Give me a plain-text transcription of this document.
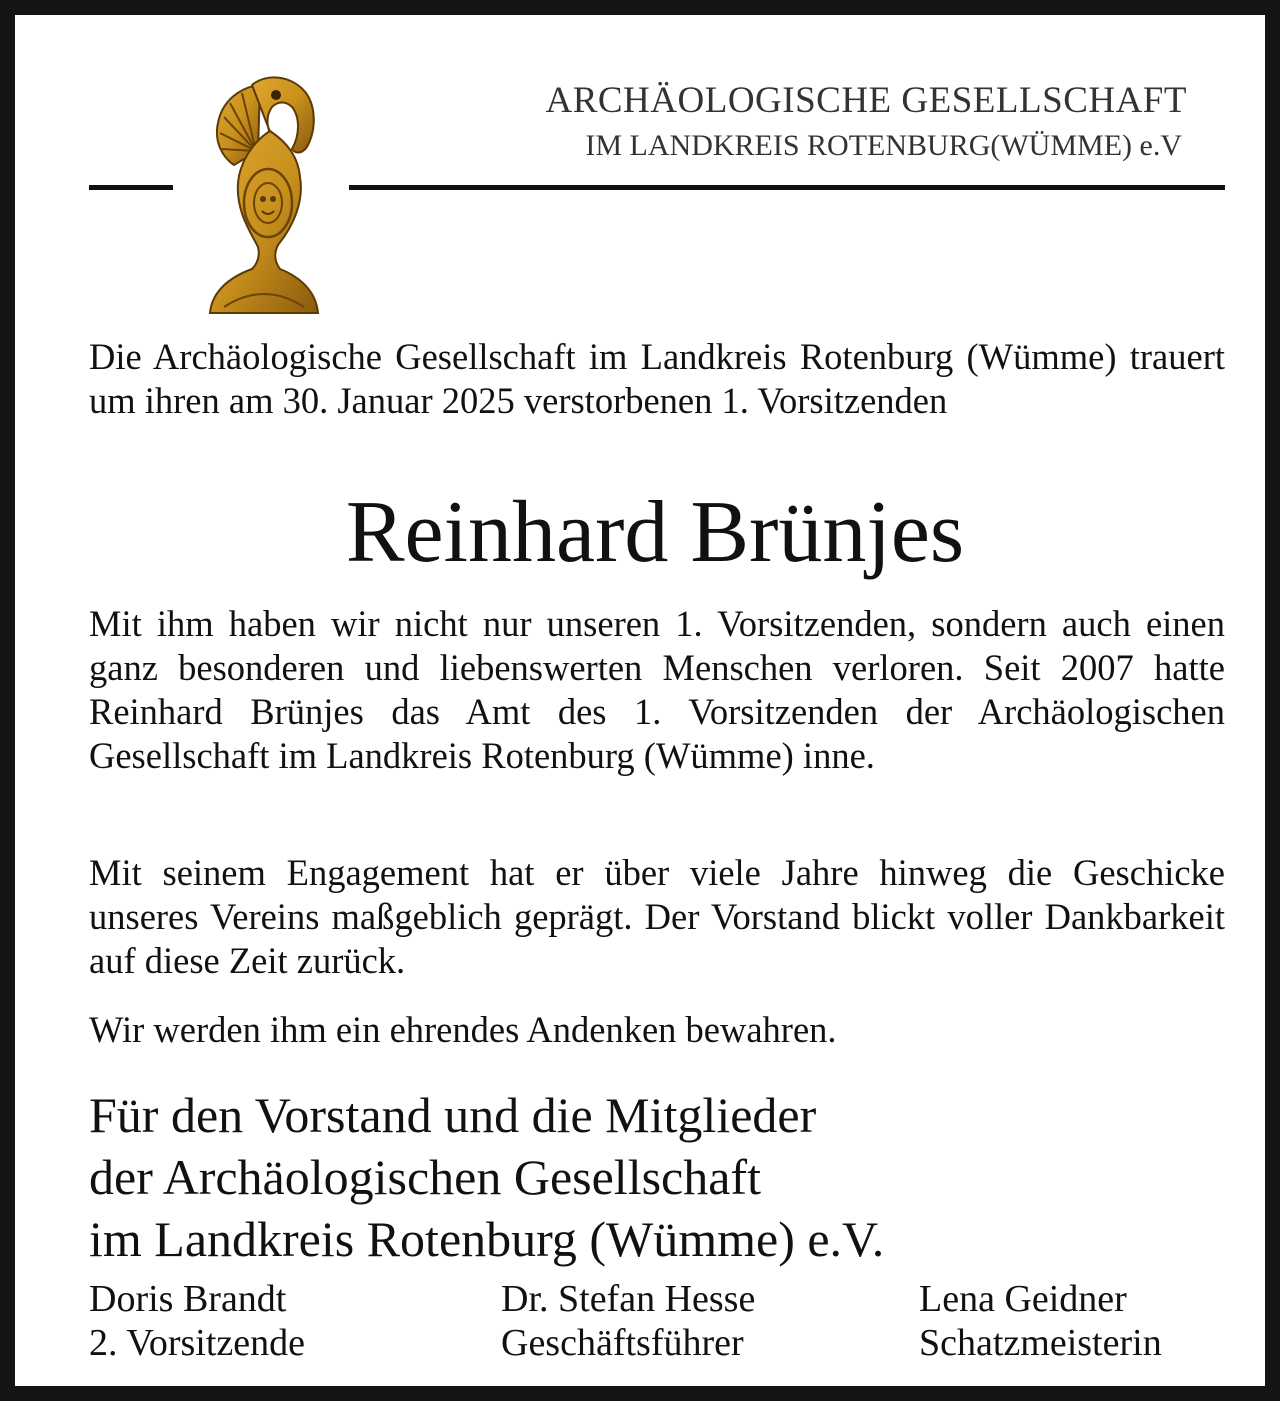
ARCHÄOLOGISCHE GESELLSCHAFT
IM LANDKREIS ROTENBURG(WÜMME) e.V
Die Archäologische Gesellschaft im Landkreis Rotenburg (Wümme) trauert um ihren am 30. Januar 2025 verstorbenen 1. Vorsitzenden
Reinhard Brünjes
Mit ihm haben wir nicht nur unseren 1. Vorsitzenden, sondern auch einen ganz besonderen und liebenswerten Menschen verloren. Seit 2007 hatte Reinhard Brünjes das Amt des 1. Vorsitzenden der Archäologischen Gesellschaft im Landkreis Rotenburg (Wümme) inne.
Mit seinem Engagement hat er über viele Jahre hinweg die Geschicke unseres Vereins maßgeblich geprägt. Der Vorstand blickt voller Dankbarkeit auf diese Zeit zurück.
Wir werden ihm ein ehrendes Andenken bewahren.
Für den Vorstand und die Mitglieder
der Archäologischen Gesellschaft
im Landkreis Rotenburg (Wümme) e.V.
Doris Brandt
2. Vorsitzende
Dr. Stefan Hesse
Geschäftsführer
Lena Geidner
Schatzmeisterin
